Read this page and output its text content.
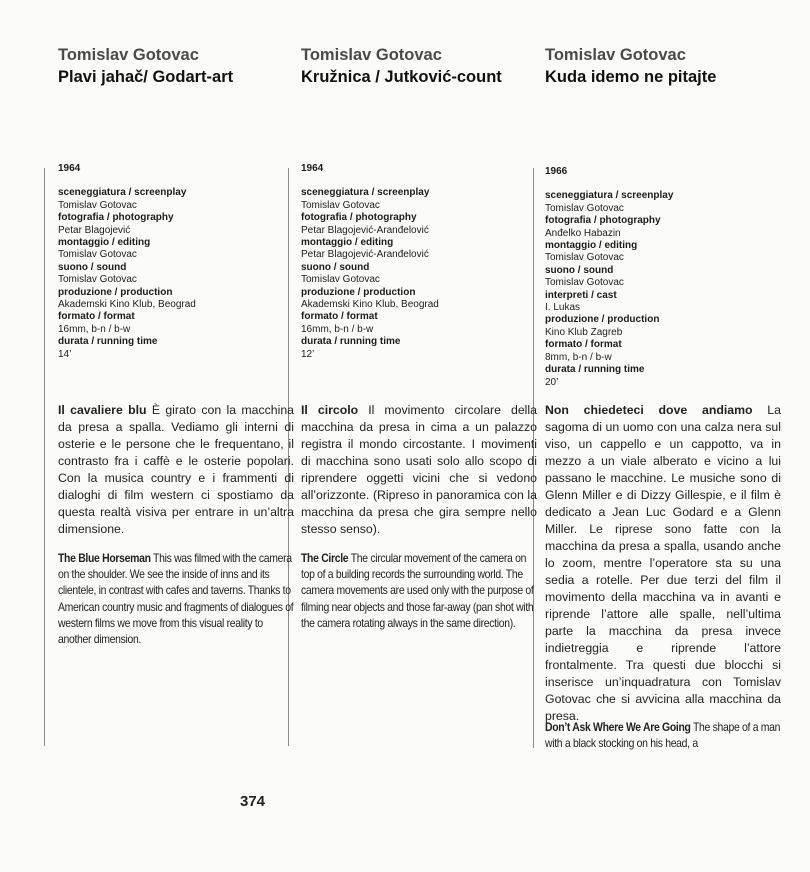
Tomislav Gotovac
Plavi jahač/ Godart-art
1964
sceneggiatura / screenplay
Tomislav Gotovac
fotografia / photography
Petar Blagojević
montaggio / editing
Tomislav Gotovac
suono / sound
Tomislav Gotovac
produzione / production
Akademski Kino Klub, Beograd
formato / format
16mm, b-n / b-w
durata / running time
14’

Il cavaliere blu È girato con la macchina da presa a spalla. Vediamo gli interni di osterie e le persone che le frequentano, il contrasto fra i caffè e le osterie popolari. Con la musica country e i frammenti di dialoghi di film western ci spostiamo da questa realtà visiva per entrare in un’altra dimensione.

The Blue Horseman This was filmed with the camera on the shoulder. We see the inside of inns and its clientele, in contrast with cafes and taverns. Thanks to American country music and fragments of dialogues of western films we move from this visual reality to another dimension.

Tomislav Gotovac
Kružnica / Jutković-count
1964
sceneggiatura / screenplay
Tomislav Gotovac
fotografia / photography
Petar Blagojević-Aranđelović
montaggio / editing
Petar Blagojević-Aranđelović
suono / sound
Tomislav Gotovac
produzione / production
Akademski Kino Klub, Beograd
formato / format
16mm, b-n / b-w
durata / running time
12’

Il circolo Il movimento circolare della macchina da presa in cima a un palazzo registra il mondo circostante. I movimenti di macchina sono usati solo allo scopo di riprendere oggetti vicini che si vedono all’orizzonte. (Ripreso in panoramica con la macchina da presa che gira sempre nello stesso senso).

The Circle The circular movement of the camera on top of a building records the surrounding world. The camera movements are used only with the purpose of filming near objects and those far-away (pan shot with the camera rotating always in the same direction).

Tomislav Gotovac
Kuda idemo ne pitajte
1966
sceneggiatura / screenplay
Tomislav Gotovac
fotografia / photography
Anđelko Habazin
montaggio / editing
Tomislav Gotovac
suono / sound
Tomislav Gotovac
interpreti / cast
I. Lukas
produzione / production
Kino Klub Zagreb
formato / format
8mm, b-n / b-w
durata / running time
20’

Non chiedeteci dove andiamo La sagoma di un uomo con una calza nera sul viso, un cappello e un cappotto, va in mezzo a un viale alberato e vicino a lui passano le macchine. Le musiche sono di Glenn Miller e di Dizzy Gillespie, e il film è dedicato a Jean Luc Godard e a Glenn Miller. Le riprese sono fatte con la macchina da presa a spalla, usando anche lo zoom, mentre l’operatore sta su una sedia a rotelle. Per due terzi del film il movimento della macchina va in avanti e riprende l’attore alle spalle, nell’ultima parte la macchina da presa invece indietreggia e riprende l’attore frontalmente. Tra questi due blocchi si inserisce un’inquadratura con Tomislav Gotovac che si avvicina alla macchina da presa.

Don’t Ask Where We Are Going The shape of a man with a black stocking on his head, a

374
